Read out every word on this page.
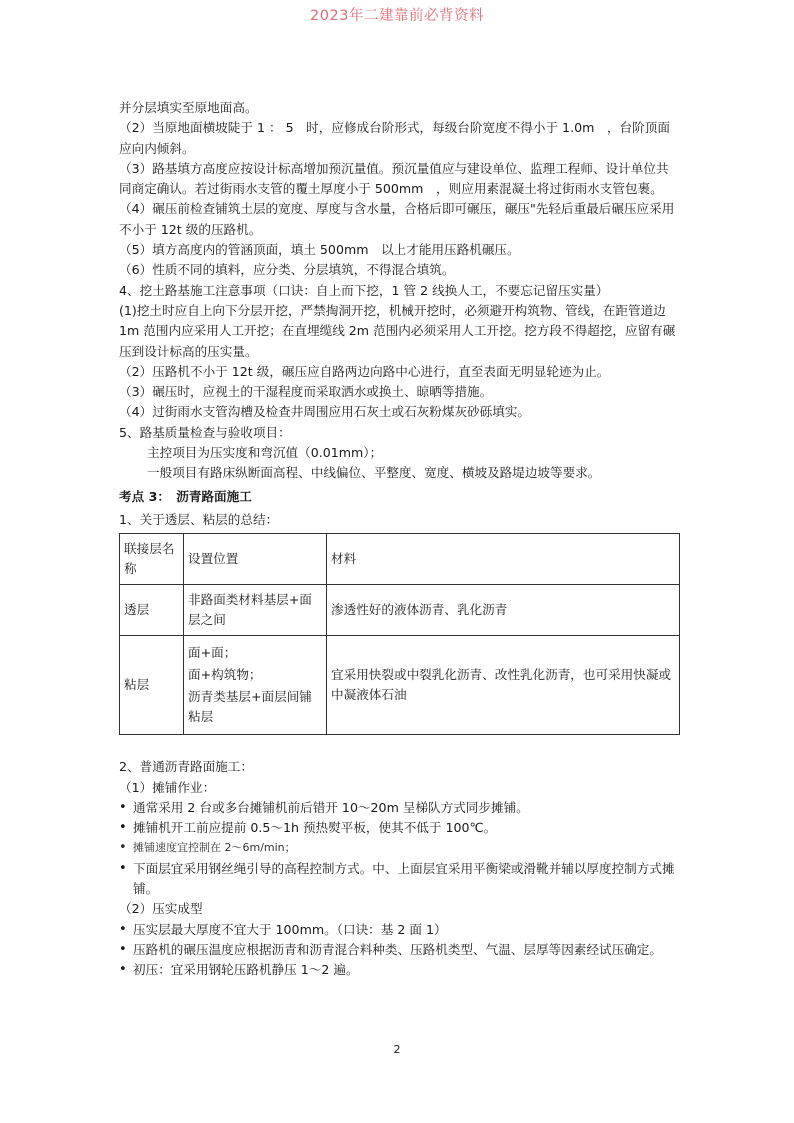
2023年二建靠前必背资料

并分层填实至原地面高。

（2）当原地面横坡陡于 1 ： 5　时，应修成台阶形式，每级台阶宽度不得小于 1.0m　，台阶顶面应向内倾斜。

（3）路基填方高度应按设计标高增加预沉量值。预沉量值应与建设单位、监理工程师、设计单位共同商定确认。若过街雨水支管的覆土厚度小于 500mm　，则应用素混凝土将过街雨水支管包裹。

（4）碾压前检查铺筑土层的宽度、厚度与含水量，合格后即可碾压，碾压"先轻后重最后碾压应采用不小于 12t 级的压路机。

（5）填方高度内的管涵顶面，填土 500mm　以上才能用压路机碾压。

（6）性质不同的填料，应分类、分层填筑，不得混合填筑。

4、挖土路基施工注意事项（口诀：自上而下挖，1 管 2 线换人工，不要忘记留压实量）

(1)挖土时应自上向下分层开挖，严禁掏洞开挖，机械开挖时，必须避开构筑物、管线，在距管道边 1m 范围内应采用人工开挖；在直埋缆线 2m 范围内必须采用人工开挖。挖方段不得超挖，应留有碾压到设计标高的压实量。

（2）压路机不小于 12t 级，碾压应自路两边向路中心进行，直至表面无明显轮迹为止。

（3）碾压时，应视土的干湿程度而采取洒水或换土、晾晒等措施。

（4）过街雨水支管沟槽及检查井周围应用石灰土或石灰粉煤灰砂砾填实。

5、路基质量检查与验收项目：

主控项目为压实度和弯沉值（0.01mm）；

一般项目有路床纵断面高程、中线偏位、平整度、宽度、横坡及路堤边坡等要求。

考点 3：　沥青路面施工

1、关于透层、粘层的总结：

联接层名称	设置位置	材料
透层	非路面类材料基层+面层之间	渗透性好的液体沥青、乳化沥青
粘层	面+面；
面+构筑物；
沥青类基层+面层间铺粘层	宜采用快裂或中裂乳化沥青、改性乳化沥青，也可采用快凝或中凝液体石油

2、普通沥青路面施工：

（1）摊铺作业：

• 通常采用 2 台或多台摊铺机前后错开 10～20m 呈梯队方式同步摊铺。
• 摊铺机开工前应提前 0.5～1h 预热熨平板，使其不低于 100℃。
• 摊铺速度宜控制在 2～6m/min；
• 下面层宜采用钢丝绳引导的高程控制方式。中、上面层宜采用平衡梁或滑靴并辅以厚度控制方式摊铺。

（2）压实成型

• 压实层最大厚度不宜大于 100mm。（口诀：基 2 面 1）
• 压路机的碾压温度应根据沥青和沥青混合料种类、压路机类型、气温、层厚等因素经试压确定。
• 初压：宜采用钢轮压路机静压 1～2 遍。
2
